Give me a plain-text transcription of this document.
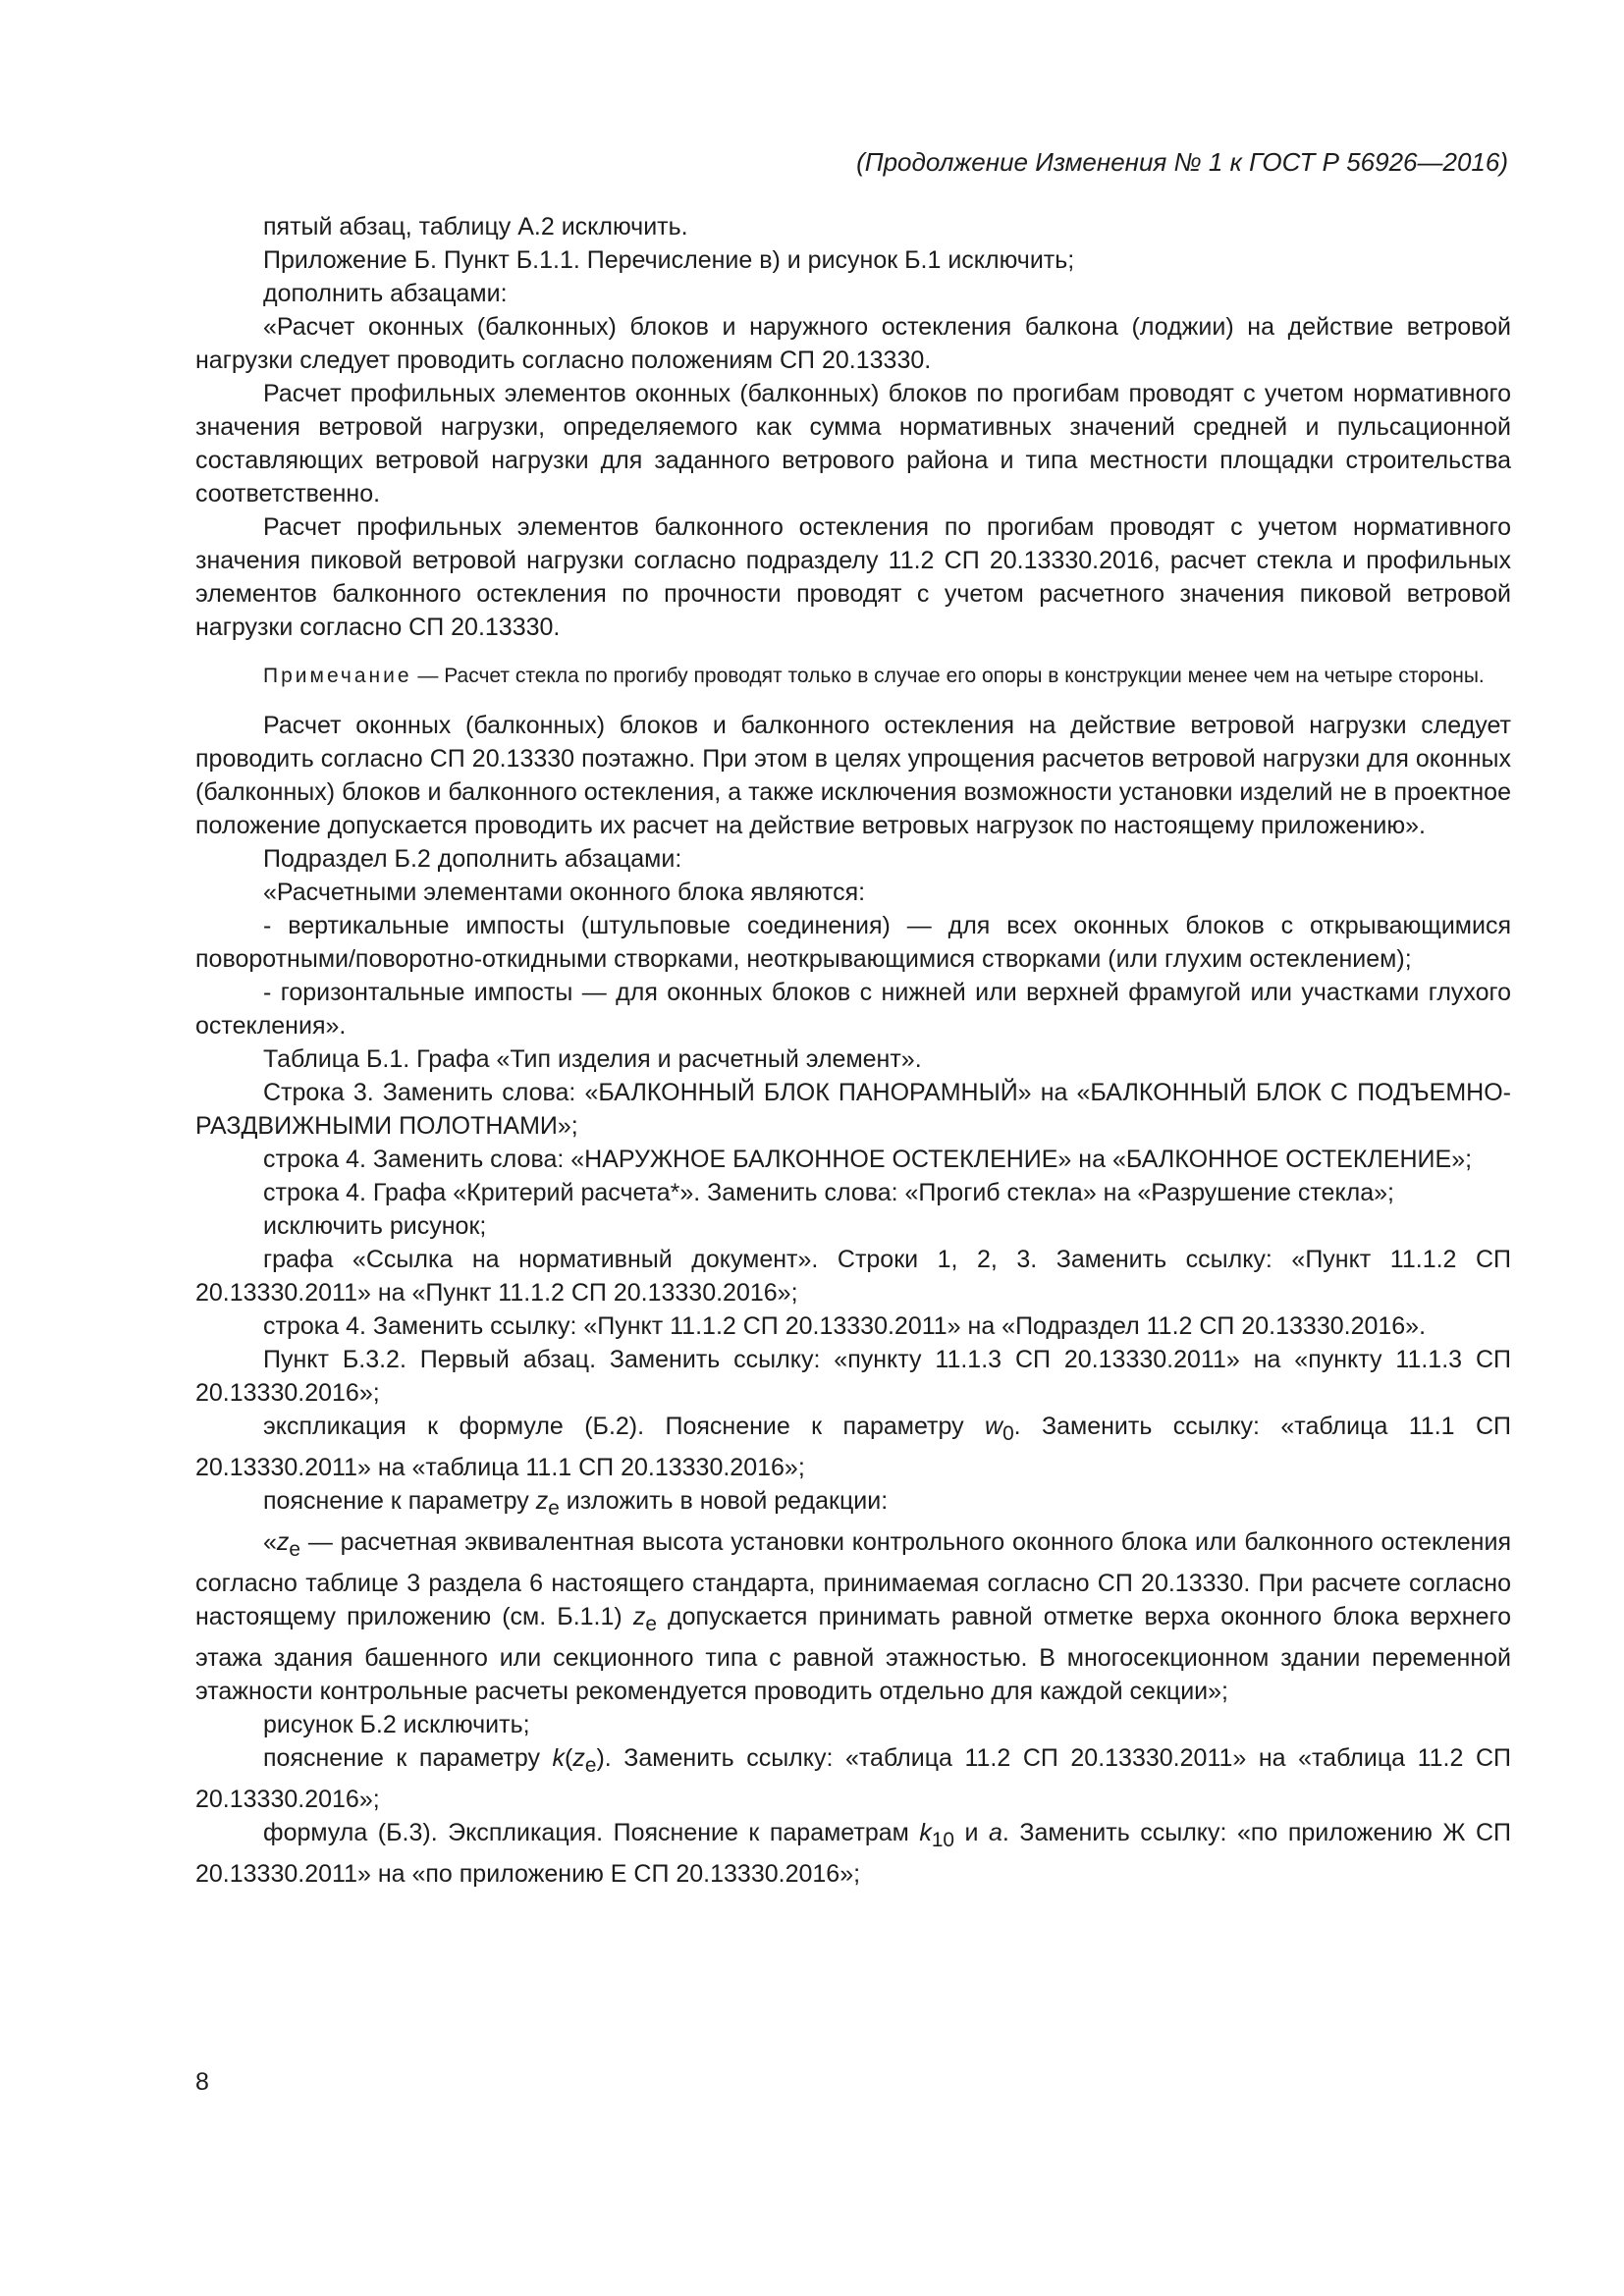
(Продолжение Изменения № 1 к ГОСТ Р 56926—2016)

пятый абзац, таблицу А.2 исключить.

Приложение Б. Пункт Б.1.1. Перечисление в) и рисунок Б.1 исключить;

дополнить абзацами:

«Расчет оконных (балконных) блоков и наружного остекления балкона (лоджии) на действие ветровой нагрузки следует проводить согласно положениям СП 20.13330.

Расчет профильных элементов оконных (балконных) блоков по прогибам проводят с учетом нормативного значения ветровой нагрузки, определяемого как сумма нормативных значений средней и пульсационной составляющих ветровой нагрузки для заданного ветрового района и типа местности площадки строительства соответственно.

Расчет профильных элементов балконного остекления по прогибам проводят с учетом нормативного значения пиковой ветровой нагрузки согласно подразделу 11.2 СП 20.13330.2016, расчет стекла и профильных элементов балконного остекления по прочности проводят с учетом расчетного значения пиковой ветровой нагрузки согласно СП 20.13330.

Примечание — Расчет стекла по прогибу проводят только в случае его опоры в конструкции менее чем на четыре стороны.

Расчет оконных (балконных) блоков и балконного остекления на действие ветровой нагрузки следует проводить согласно СП 20.13330 поэтажно. При этом в целях упрощения расчетов ветровой нагрузки для оконных (балконных) блоков и балконного остекления, а также исключения возможности установки изделий не в проектное положение допускается проводить их расчет на действие ветровых нагрузок по настоящему приложению».

Подраздел Б.2 дополнить абзацами:

«Расчетными элементами оконного блока являются:

- вертикальные импосты (штульповые соединения) — для всех оконных блоков с открывающимися поворотными/поворотно-откидными створками, неоткрывающимися створками (или глухим остеклением);

- горизонтальные импосты — для оконных блоков с нижней или верхней фрамугой или участками глухого остекления».

Таблица Б.1. Графа «Тип изделия и расчетный элемент».

Строка 3. Заменить слова: «БАЛКОННЫЙ БЛОК ПАНОРАМНЫЙ» на «БАЛКОННЫЙ БЛОК С ПОДЪЕМНО-РАЗДВИЖНЫМИ ПОЛОТНАМИ»;

строка 4. Заменить слова: «НАРУЖНОЕ БАЛКОННОЕ ОСТЕКЛЕНИЕ» на «БАЛКОННОЕ ОСТЕКЛЕНИЕ»;

строка 4. Графа «Критерий расчета*». Заменить слова: «Прогиб стекла» на «Разрушение стекла»;

исключить рисунок;

графа «Ссылка на нормативный документ». Строки 1, 2, 3. Заменить ссылку: «Пункт 11.1.2 СП 20.13330.2011» на «Пункт 11.1.2 СП 20.13330.2016»;

строка 4. Заменить ссылку: «Пункт 11.1.2 СП 20.13330.2011» на «Подраздел 11.2 СП 20.13330.2016».

Пункт Б.3.2. Первый абзац. Заменить ссылку: «пункту 11.1.3 СП 20.13330.2011» на «пункту 11.1.3 СП 20.13330.2016»;

экспликация к формуле (Б.2). Пояснение к параметру $w_0$. Заменить ссылку: «таблица 11.1 СП 20.13330.2011» на «таблица 11.1 СП 20.13330.2016»;

пояснение к параметру $z_e$ изложить в новой редакции:

«$z_e$ — расчетная эквивалентная высота установки контрольного оконного блока или балконного остекления согласно таблице 3 раздела 6 настоящего стандарта, принимаемая согласно СП 20.13330. При расчете согласно настоящему приложению (см. Б.1.1) $z_e$ допускается принимать равной отметке верха оконного блока верхнего этажа здания башенного или секционного типа с равной этажностью. В многосекционном здании переменной этажности контрольные расчеты рекомендуется проводить отдельно для каждой секции»;

рисунок Б.2 исключить;

пояснение к параметру $k(z_e)$. Заменить ссылку: «таблица 11.2 СП 20.13330.2011» на «таблица 11.2 СП 20.13330.2016»;

формула (Б.3). Экспликация. Пояснение к параметрам $k_{10}$ и a. Заменить ссылку: «по приложению Ж СП 20.13330.2011» на «по приложению Е СП 20.13330.2016»;

8
